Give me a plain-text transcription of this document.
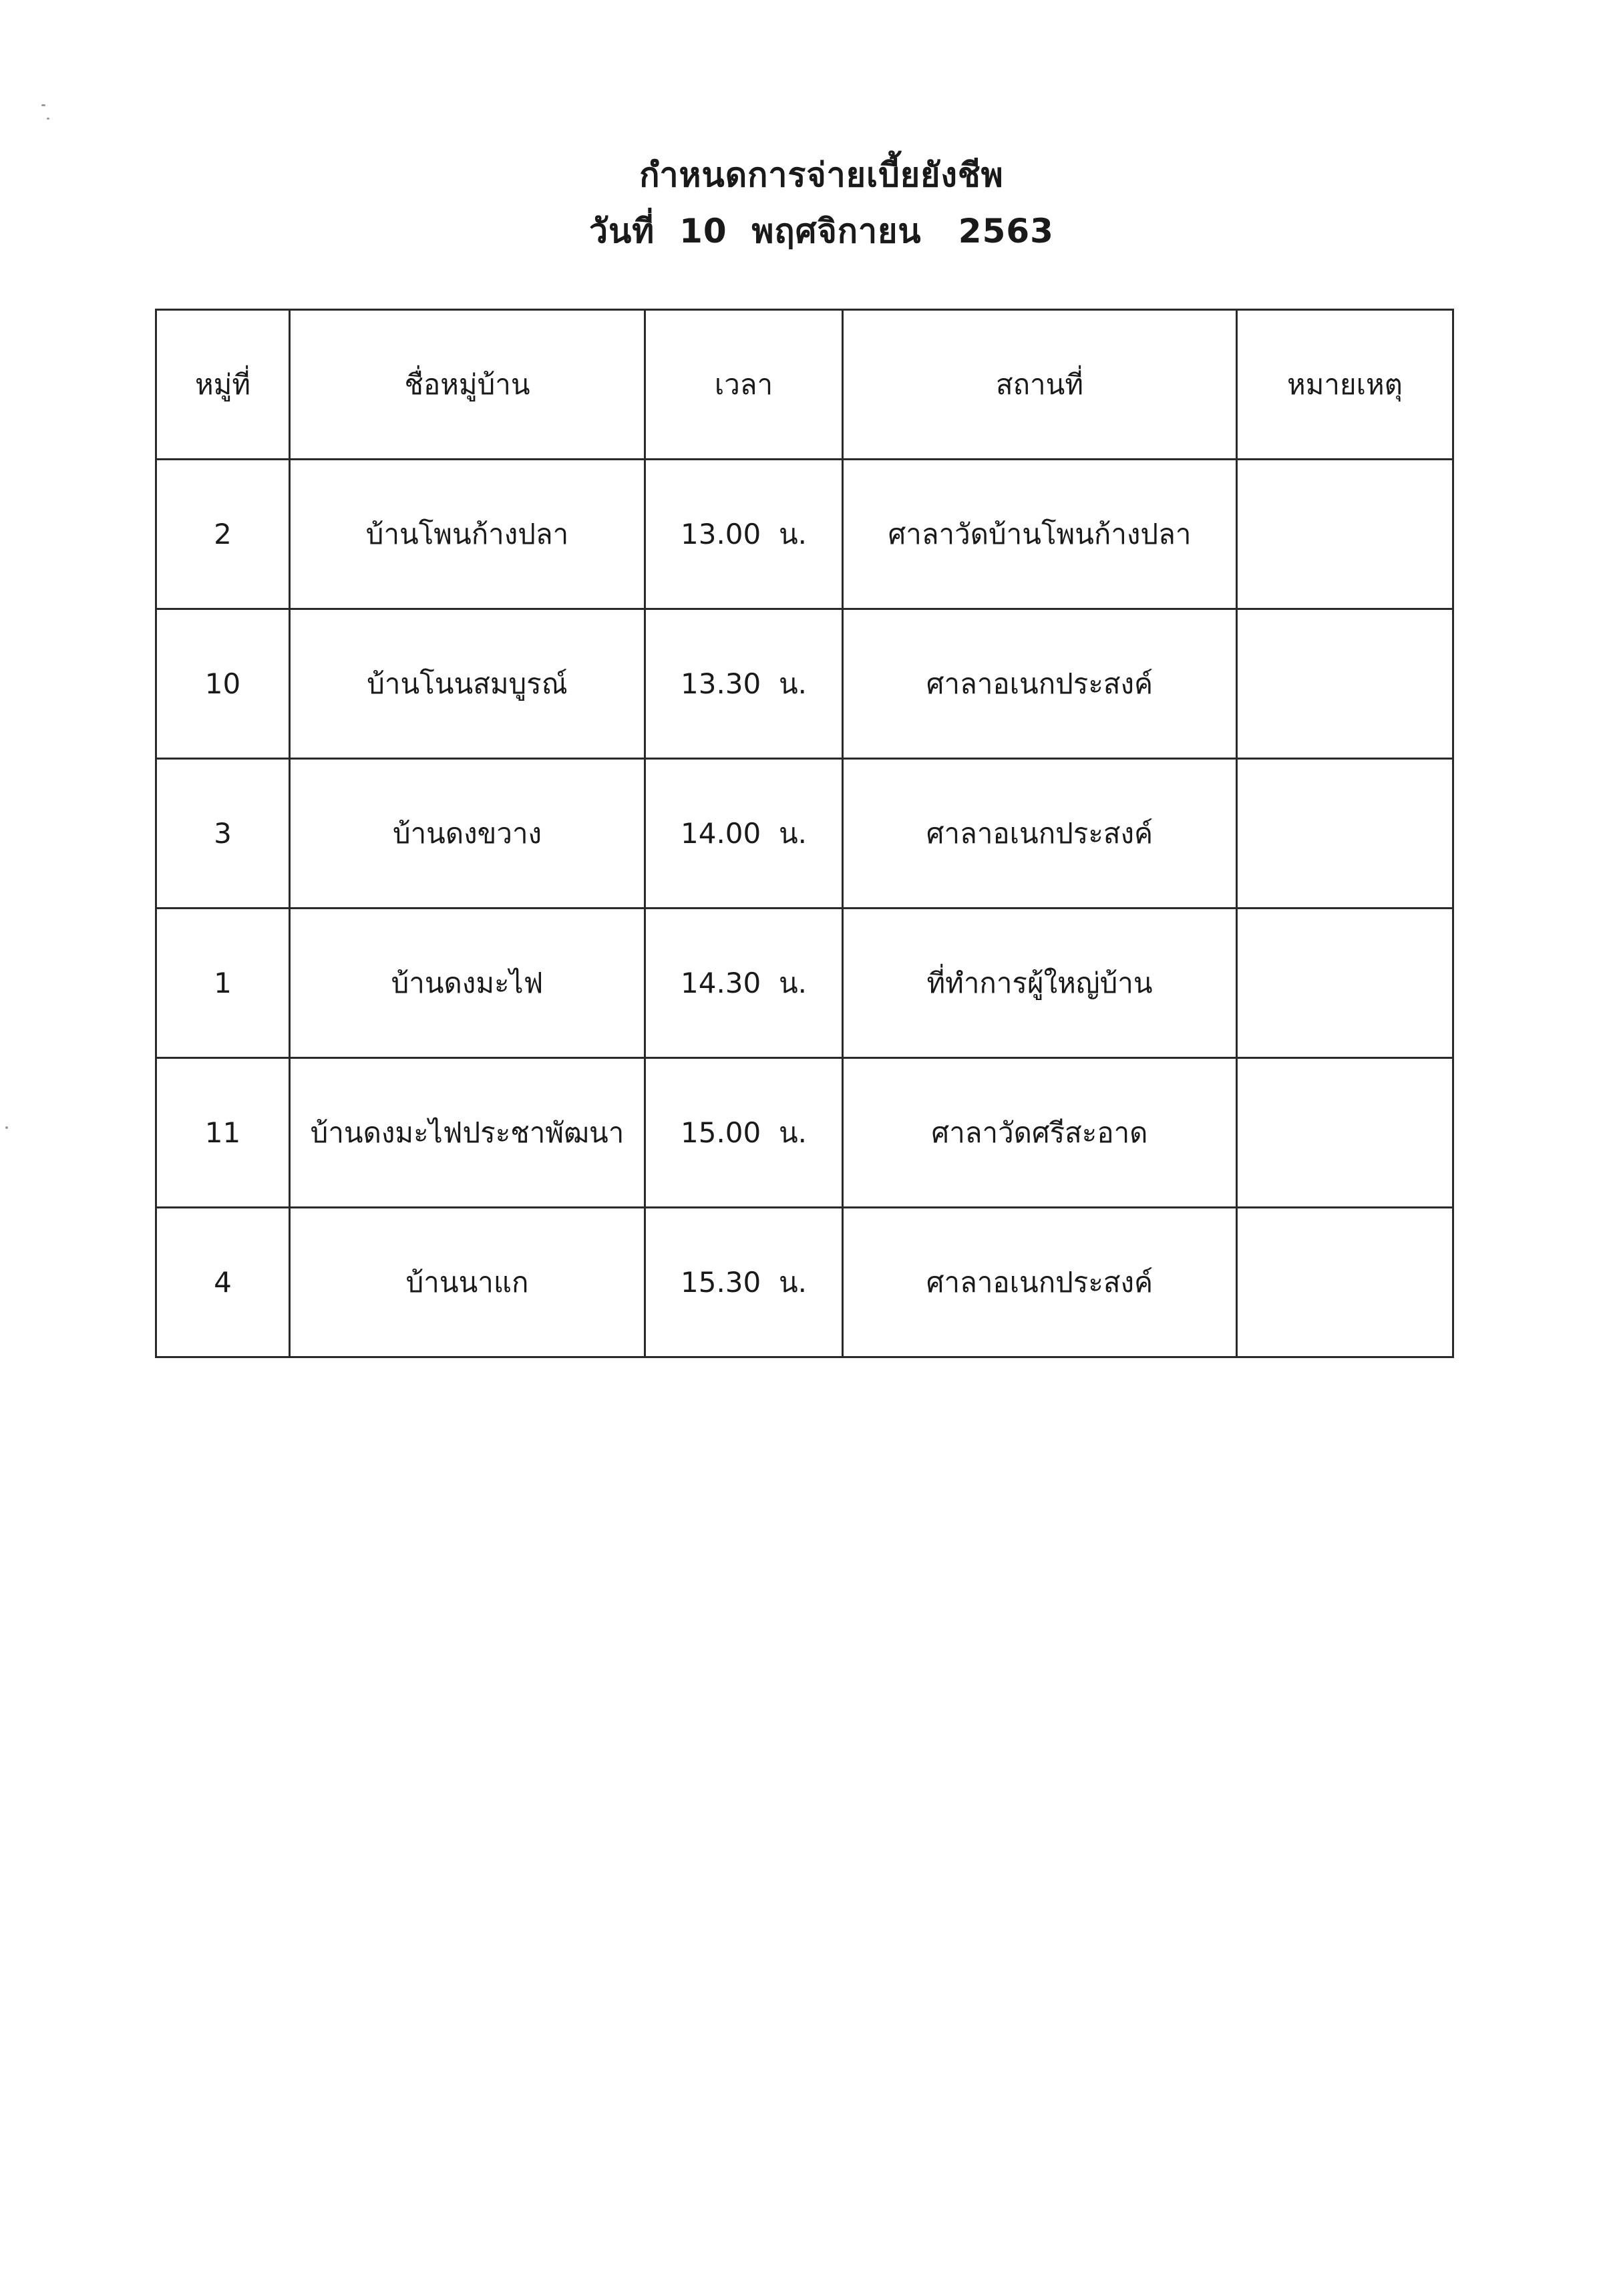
กำหนดการจ่ายเบี้ยยังชีพ
วันที่  10  พฤศจิกายน   2563
หมู่ที่	ชื่อหมู่บ้าน	เวลา	สถานที่	หมายเหตุ
2	บ้านโพนก้างปลา	13.00  น.	ศาลาวัดบ้านโพนก้างปลา	
10	บ้านโนนสมบูรณ์	13.30  น.	ศาลาอเนกประสงค์	
3	บ้านดงขวาง	14.00  น.	ศาลาอเนกประสงค์	
1	บ้านดงมะไฟ	14.30  น.	ที่ทำการผู้ใหญ่บ้าน	
11	บ้านดงมะไฟประชาพัฒนา	15.00  น.	ศาลาวัดศรีสะอาด	
4	บ้านนาแก	15.30  น.	ศาลาอเนกประสงค์	
